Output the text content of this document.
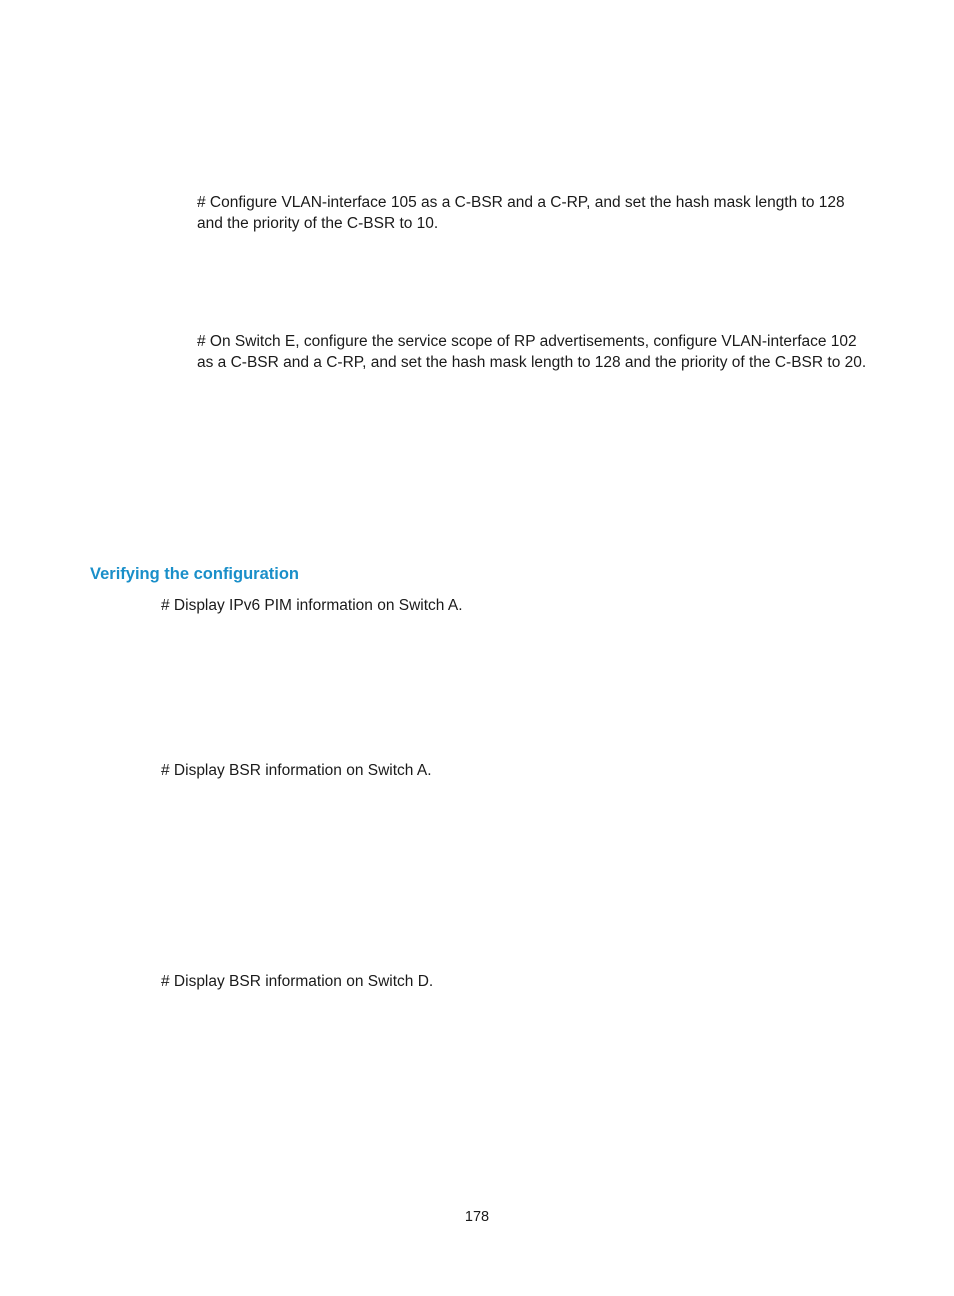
# Configure VLAN-interface 105 as a C-BSR and a C-RP, and set the hash mask length to 128 and the priority of the C-BSR to 10.

# On Switch E, configure the service scope of RP advertisements, configure VLAN-interface 102 as a C-BSR and a C-RP, and set the hash mask length to 128 and the priority of the C-BSR to 20.

Verifying the configuration

# Display IPv6 PIM information on Switch A.

# Display BSR information on Switch A.

# Display BSR information on Switch D.

178
